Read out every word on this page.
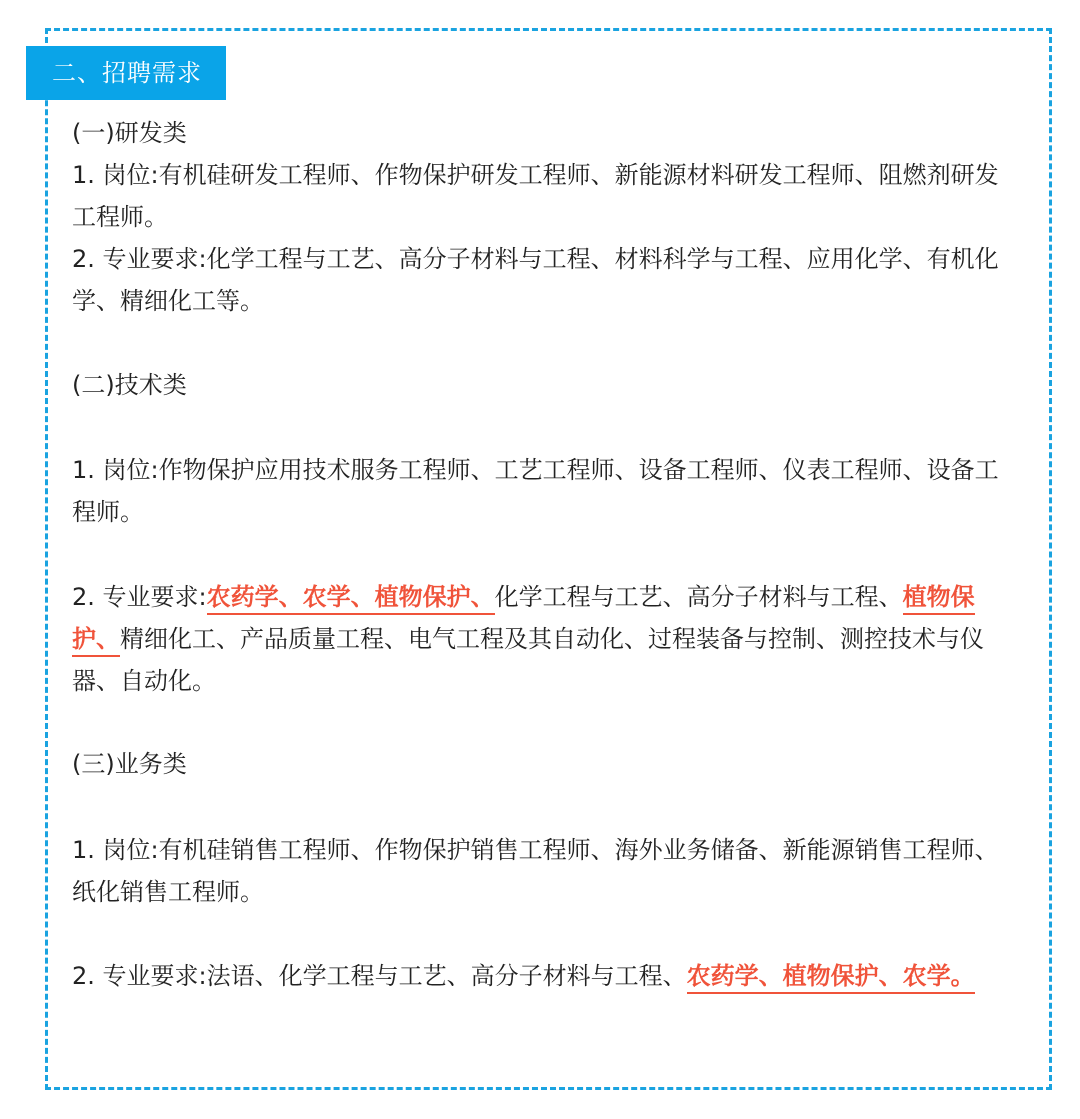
二、招聘需求

(一)研发类

1. 岗位:有机硅研发工程师、作物保护研发工程师、新能源材料研发工程师、阻燃剂研发工程师。

2. 专业要求:化学工程与工艺、高分子材料与工程、材料科学与工程、应用化学、有机化学、精细化工等。

(二)技术类

1. 岗位:作物保护应用技术服务工程师、工艺工程师、设备工程师、仪表工程师、设备工程师。

2. 专业要求:农药学、农学、植物保护、化学工程与工艺、高分子材料与工程、植物保护、精细化工、产品质量工程、电气工程及其自动化、过程装备与控制、测控技术与仪器、自动化。

(三)业务类

1. 岗位:有机硅销售工程师、作物保护销售工程师、海外业务储备、新能源销售工程师、纸化销售工程师。

2. 专业要求:法语、化学工程与工艺、高分子材料与工程、农药学、植物保护、农学。
